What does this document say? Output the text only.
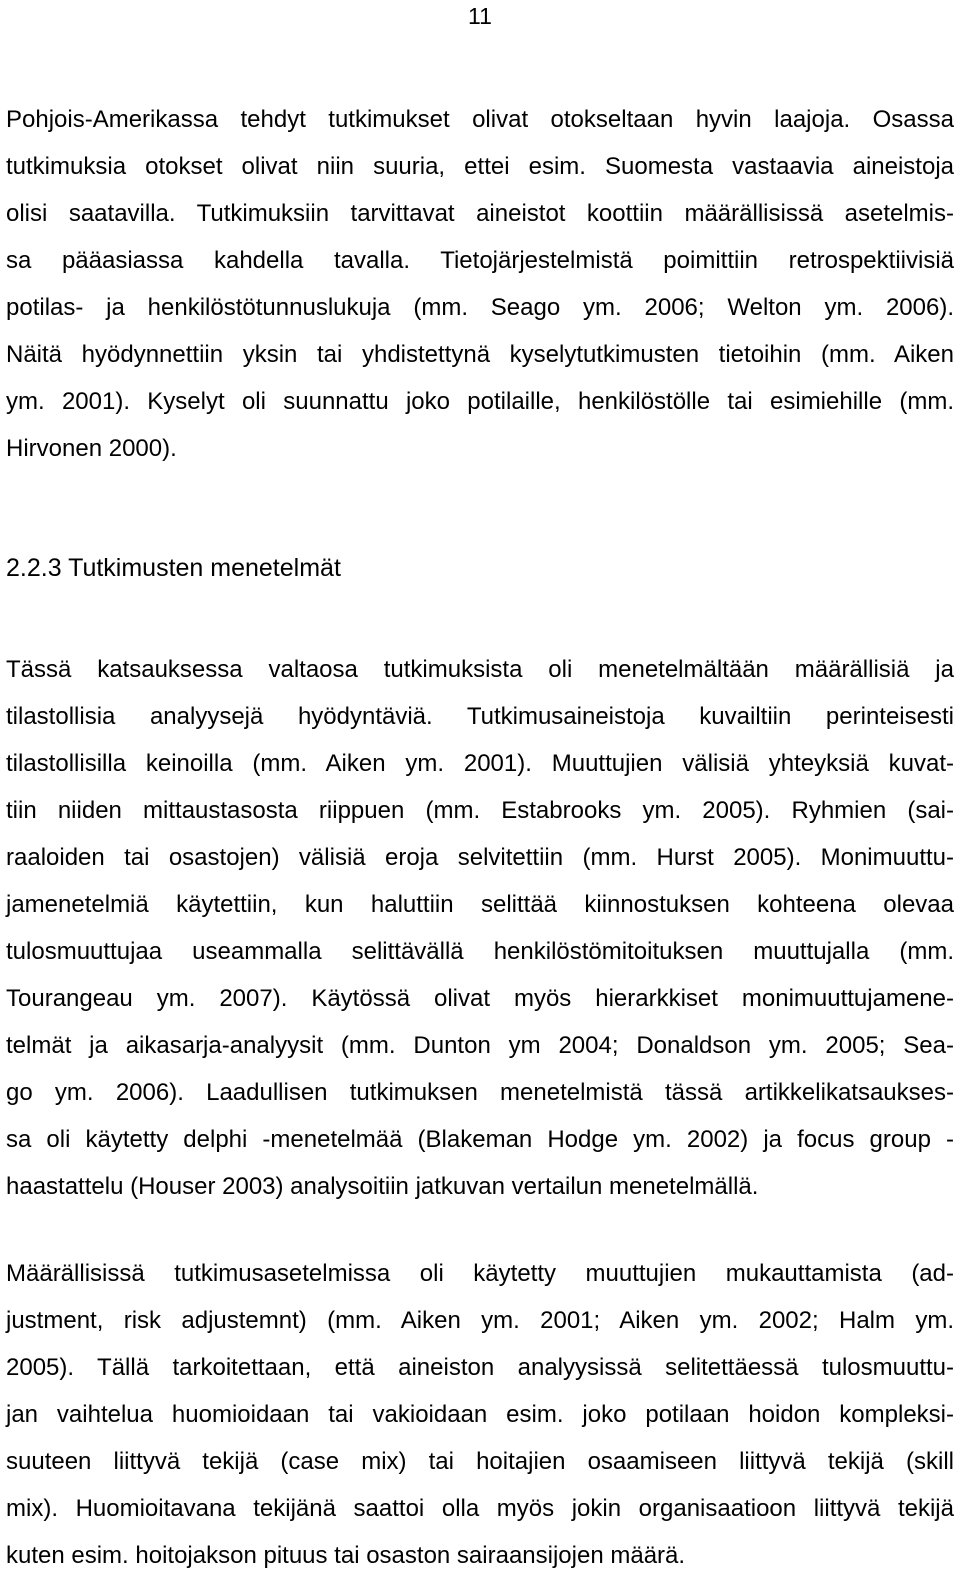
11
Pohjois-Amerikassa tehdyt tutkimukset olivat otokseltaan hyvin laajoja. Osassa
tutkimuksia otokset olivat niin suuria, ettei esim. Suomesta vastaavia aineistoja
olisi saatavilla. Tutkimuksiin tarvittavat aineistot koottiin määrällisissä asetelmis-
sa pääasiassa kahdella tavalla. Tietojärjestelmistä poimittiin retrospektiivisiä
potilas- ja henkilöstötunnuslukuja (mm. Seago ym. 2006; Welton ym. 2006).
Näitä hyödynnettiin yksin tai yhdistettynä kyselytutkimusten tietoihin (mm. Aiken
ym. 2001). Kyselyt oli suunnattu joko potilaille, henkilöstölle tai esimiehille (mm.
Hirvonen 2000).
2.2.3 Tutkimusten menetelmät
Tässä katsauksessa valtaosa tutkimuksista oli menetelmältään määrällisiä ja
tilastollisia analyysejä hyödyntäviä. Tutkimusaineistoja kuvailtiin perinteisesti
tilastollisilla keinoilla (mm. Aiken ym. 2001). Muuttujien välisiä yhteyksiä kuvat-
tiin niiden mittaustasosta riippuen (mm. Estabrooks ym. 2005). Ryhmien (sai-
raaloiden tai osastojen) välisiä eroja selvitettiin (mm. Hurst 2005). Monimuuttu-
jamenetelmiä käytettiin, kun haluttiin selittää kiinnostuksen kohteena olevaa
tulosmuuttujaa useammalla selittävällä henkilöstömitoituksen muuttujalla (mm.
Tourangeau ym. 2007). Käytössä olivat myös hierarkkiset monimuuttujamene-
telmät ja aikasarja-analyysit (mm. Dunton ym 2004; Donaldson ym. 2005; Sea-
go ym. 2006). Laadullisen tutkimuksen menetelmistä tässä artikkelikatsaukses-
sa oli käytetty delphi -menetelmää (Blakeman Hodge ym. 2002) ja focus group -
haastattelu (Houser 2003) analysoitiin jatkuvan vertailun menetelmällä.
Määrällisissä tutkimusasetelmissa oli käytetty muuttujien mukauttamista (ad-
justment, risk adjustemnt) (mm. Aiken ym. 2001; Aiken ym. 2002; Halm ym.
2005). Tällä tarkoitettaan, että aineiston analyysissä selitettäessä tulosmuuttu-
jan vaihtelua huomioidaan tai vakioidaan esim. joko potilaan hoidon kompleksi-
suuteen liittyvä tekijä (case mix) tai hoitajien osaamiseen liittyvä tekijä (skill
mix). Huomioitavana tekijänä saattoi olla myös jokin organisaatioon liittyvä tekijä
kuten esim. hoitojakson pituus tai osaston sairaansijojen määrä.
